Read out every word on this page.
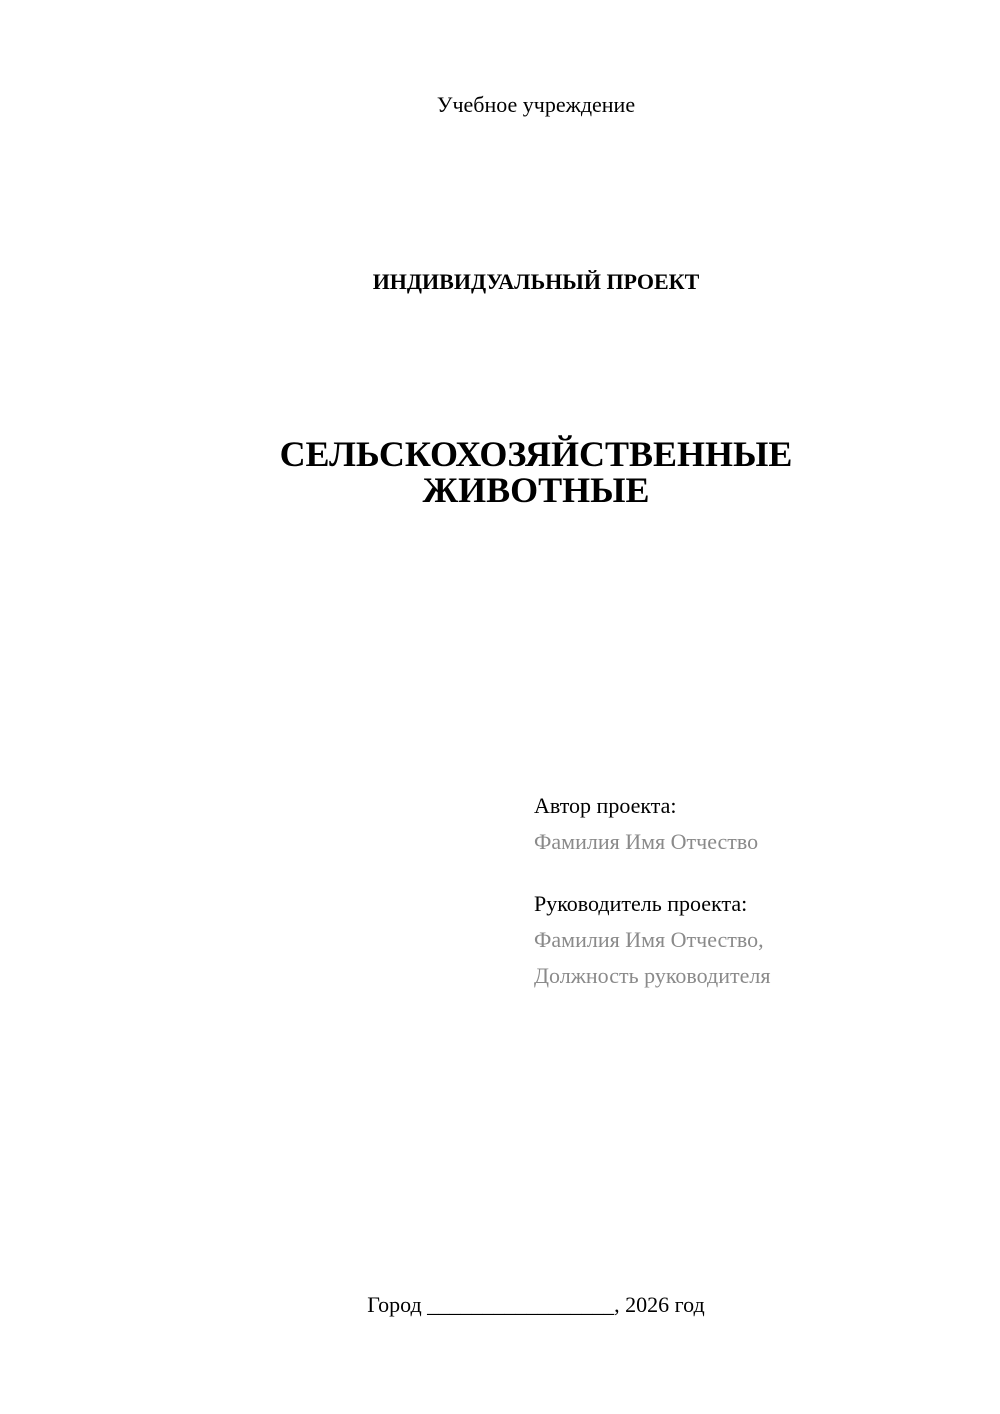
Учебное учреждение
ИНДИВИДУАЛЬНЫЙ ПРОЕКТ
СЕЛЬСКОХОЗЯЙСТВЕННЫЕ
ЖИВОТНЫЕ
Автор проекта:
Фамилия Имя Отчество
Руководитель проекта:
Фамилия Имя Отчество,
Должность руководителя
Город _________________, 2026 год
